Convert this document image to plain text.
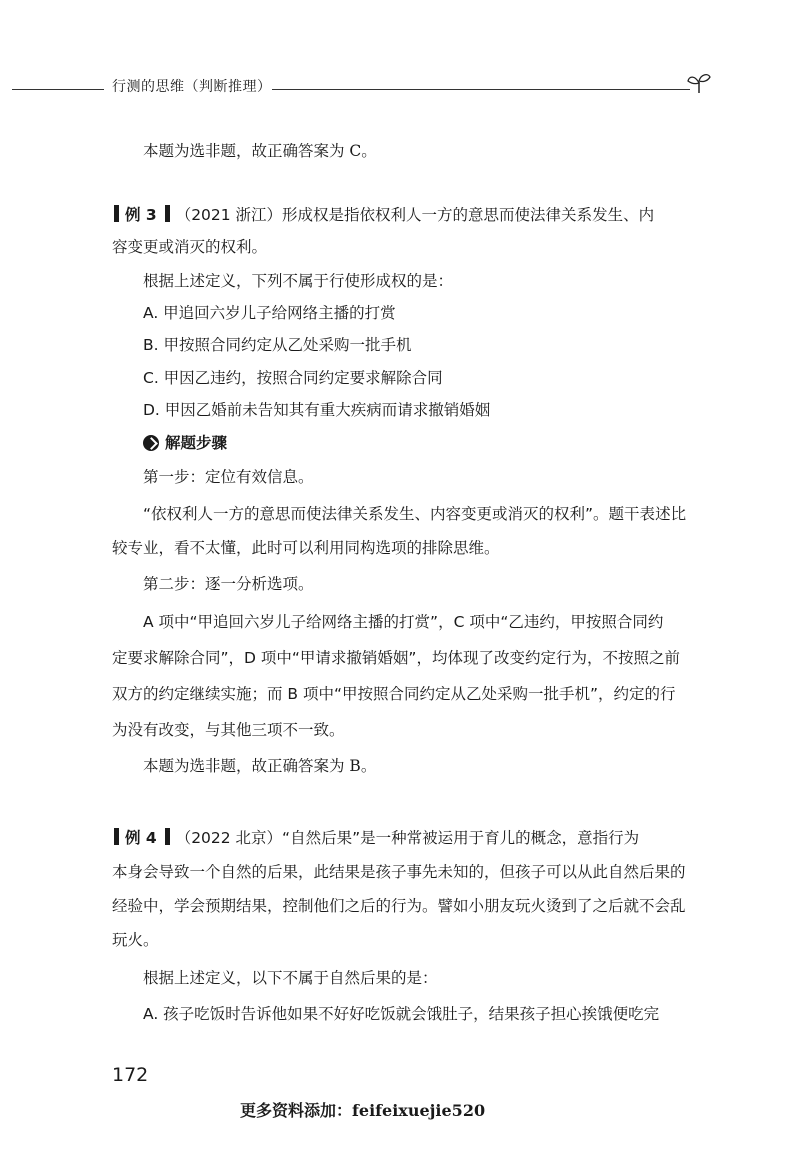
行测的思维（判断推理）

本题为选非题，故正确答案为 C。

例 3 （2021 浙江）形成权是指依权利人一方的意思而使法律关系发生、内

容变更或消灭的权利。

根据上述定义，下列不属于行使形成权的是：

A. 甲追回六岁儿子给网络主播的打赏

B. 甲按照合同约定从乙处采购一批手机

C. 甲因乙违约，按照合同约定要求解除合同

D. 甲因乙婚前未告知其有重大疾病而请求撤销婚姻

解题步骤

第一步：定位有效信息。

“依权利人一方的意思而使法律关系发生、内容变更或消灭的权利”。题干表述比

较专业，看不太懂，此时可以利用同构选项的排除思维。

第二步：逐一分析选项。

A 项中“甲追回六岁儿子给网络主播的打赏”，C 项中“乙违约，甲按照合同约

定要求解除合同”，D 项中“甲请求撤销婚姻”，均体现了改变约定行为，不按照之前

双方的约定继续实施；而 B 项中“甲按照合同约定从乙处采购一批手机”，约定的行

为没有改变，与其他三项不一致。

本题为选非题，故正确答案为 B。

例 4 （2022 北京）“自然后果”是一种常被运用于育儿的概念，意指行为

本身会导致一个自然的后果，此结果是孩子事先未知的，但孩子可以从此自然后果的

经验中，学会预期结果，控制他们之后的行为。譬如小朋友玩火烫到了之后就不会乱

玩火。

根据上述定义，以下不属于自然后果的是：

A. 孩子吃饭时告诉他如果不好好吃饭就会饿肚子，结果孩子担心挨饿便吃完

172
更多资料添加：feifeixuejie520
